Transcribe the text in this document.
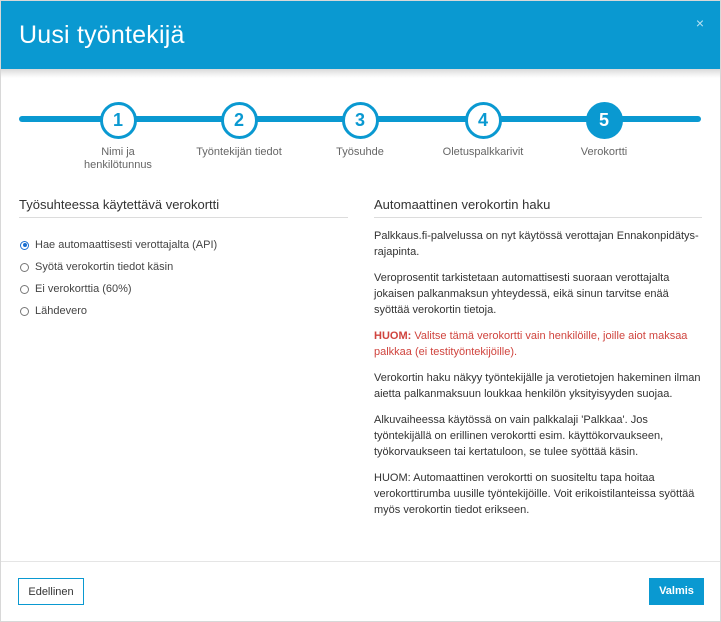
Uusi työntekijä	×
1
Nimi ja henkilötunnus
2
Työntekijän tiedot
3
Työsuhde
4
Oletuspalkkarivit
5
Verokortti
Työsuhteessa käytettävä verokortti
Hae automaattisesti verottajalta (API)
Syötä verokortin tiedot käsin
Ei verokorttia (60%)
Lähdevero
Automaattinen verokortin haku

Palkkaus.fi-palvelussa on nyt käytössä verottajan Ennakonpidätys-rajapinta.

Veroprosentit tarkistetaan automattisesti suoraan verottajalta jokaisen palkanmaksun yhteydessä, eikä sinun tarvitse enää syöttää verokortin tietoja.

HUOM: Valitse tämä verokortti vain henkilöille, joille aiot maksaa palkkaa (ei testityöntekijöille).

Verokortin haku näkyy työntekijälle ja verotietojen hakeminen ilman aietta palkanmaksuun loukkaa henkilön yksityisyyden suojaa.

Alkuvaiheessa käytössä on vain palkkalaji 'Palkkaa'. Jos työntekijällä on erillinen verokortti esim. käyttökorvaukseen, työkorvaukseen tai kertatuloon, se tulee syöttää käsin.

HUOM: Automaattinen verokortti on suositeltu tapa hoitaa verokorttirumba uusille työntekijöille. Voit erikoistilanteissa syöttää myös verokortin tiedot erikseen.

Edellinen	Valmis
